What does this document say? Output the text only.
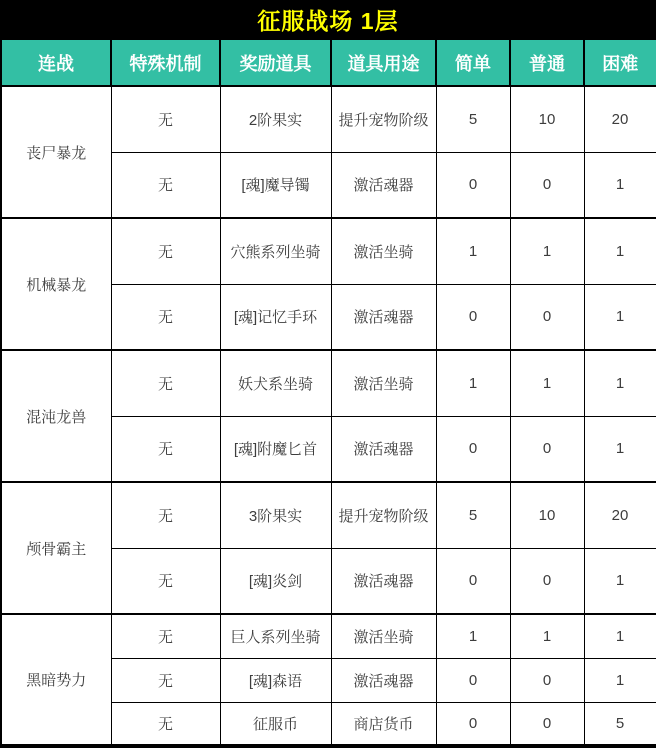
征服战场 1层
连战	特殊机制	奖励道具	道具用途	简单	普通	困难
丧尸暴龙	无	2阶果实	提升宠物阶级	5	10	20
	无	[魂]魔导镯	激活魂器	0	0	1
机械暴龙	无	穴熊系列坐骑	激活坐骑	1	1	1
	无	[魂]记忆手环	激活魂器	0	0	1
混沌龙兽	无	妖犬系坐骑	激活坐骑	1	1	1
	无	[魂]附魔匕首	激活魂器	0	0	1
颅骨霸主	无	3阶果实	提升宠物阶级	5	10	20
	无	[魂]炎剑	激活魂器	0	0	1
黑暗势力	无	巨人系列坐骑	激活坐骑	1	1	1
	无	[魂]森语	激活魂器	0	0	1
	无	征服币	商店货币	0	0	5
